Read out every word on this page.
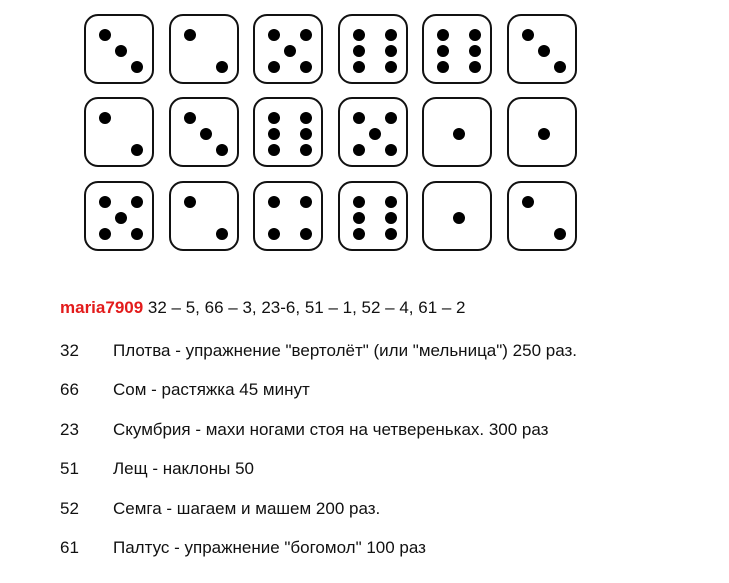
maria7909 32 – 5, 66 – 3, 23-6, 51 – 1, 52 – 4, 61 – 2
32 Плотва - упражнение "вертолёт" (или "мельница") 250 раз.
66 Сом - растяжка 45 минут
23 Скумбрия - махи ногами стоя на четвереньках. 300 раз
51 Лещ - наклоны 50
52 Семга - шагаем и машем 200 раз.
61 Палтус - упражнение "богомол" 100 раз
